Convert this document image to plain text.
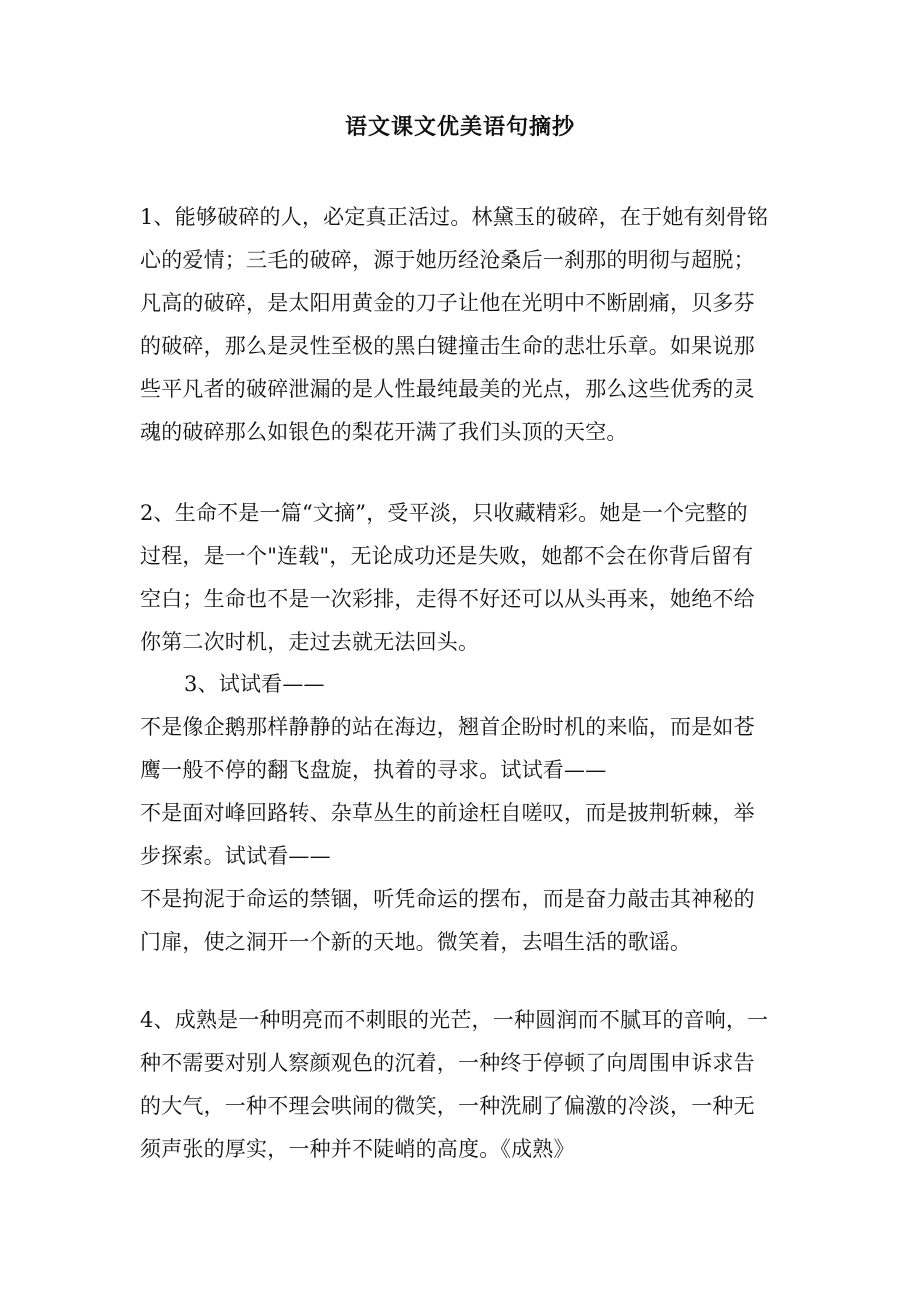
语文课文优美语句摘抄
1、能够破碎的人，必定真正活过。林黛玉的破碎，在于她有刻骨铭
心的爱情；三毛的破碎，源于她历经沧桑后一刹那的明彻与超脱；
凡高的破碎，是太阳用黄金的刀子让他在光明中不断剧痛，贝多芬
的破碎，那么是灵性至极的黑白键撞击生命的悲壮乐章。如果说那
些平凡者的破碎泄漏的是人性最纯最美的光点，那么这些优秀的灵
魂的破碎那么如银色的梨花开满了我们头顶的天空。
2、生命不是一篇“文摘”，受平淡，只收藏精彩。她是一个完整的
过程，是一个"连载"，无论成功还是失败，她都不会在你背后留有
空白；生命也不是一次彩排，走得不好还可以从头再来，她绝不给
你第二次时机，走过去就无法回头。
3、试试看——
不是像企鹅那样静静的站在海边，翘首企盼时机的来临，而是如苍
鹰一般不停的翻飞盘旋，执着的寻求。试试看——
不是面对峰回路转、杂草丛生的前途枉自嗟叹，而是披荆斩棘，举
步探索。试试看——
不是拘泥于命运的禁锢，听凭命运的摆布，而是奋力敲击其神秘的
门扉，使之洞开一个新的天地。微笑着，去唱生活的歌谣。
4、成熟是一种明亮而不刺眼的光芒，一种圆润而不腻耳的音响，一
种不需要对别人察颜观色的沉着，一种终于停顿了向周围申诉求告
的大气，一种不理会哄闹的微笑，一种洗刷了偏激的冷淡，一种无
须声张的厚实，一种并不陡峭的高度。《成熟》
